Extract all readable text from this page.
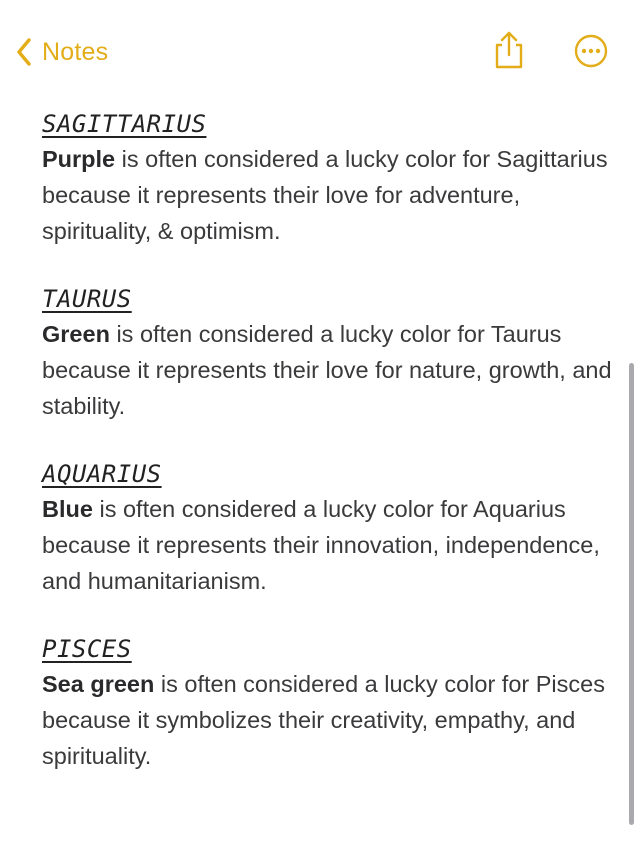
Notes
SAGITTARIUS

Purple is often considered a lucky color for Sagittarius because it represents their love for adventure, spirituality, & optimism.

TAURUS

Green is often considered a lucky color for Taurus because it represents their love for nature, growth, and stability.

AQUARIUS

Blue is often considered a lucky color for Aquarius because it represents their innovation, independence, and humanitarianism.

PISCES

Sea green is often considered a lucky color for Pisces because it symbolizes their creativity, empathy, and spirituality.
